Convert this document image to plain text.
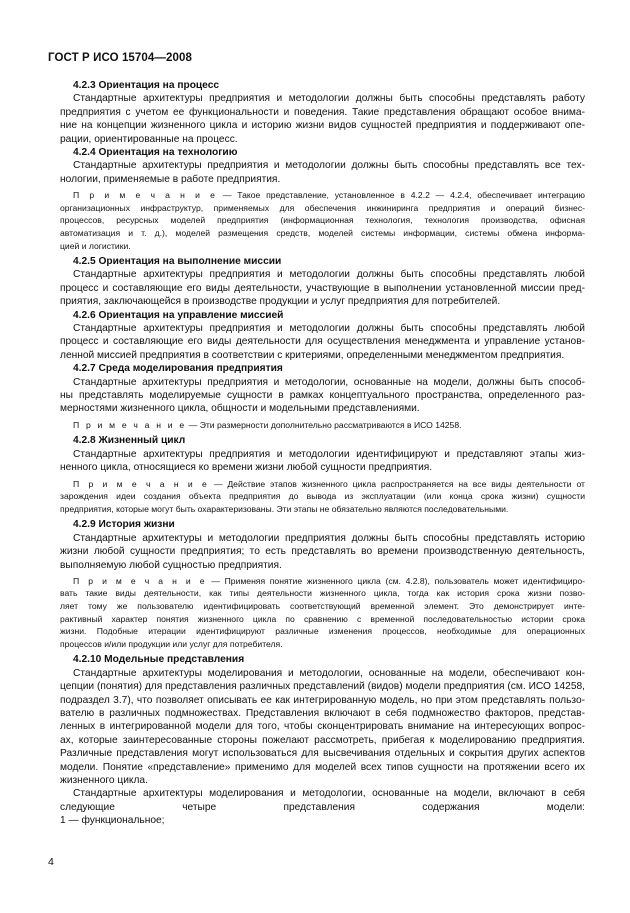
ГОСТ Р ИСО 15704—2008
4.2.3 Ориентация на процесс
Стандартные архитектуры предприятия и методологии должны быть способны представлять работу
предприятия с учетом ее функциональности и поведения. Такие представления обращают особое внима-
ние на концепции жизненного цикла и историю жизни видов сущностей предприятия и поддерживают опе-
рации, ориентированные на процесс.
4.2.4 Ориентация на технологию
Стандартные архитектуры предприятия и методологии должны быть способны представлять все тех-
нологии, применяемые в работе предприятия.
П р и м е ч а н и е — Такое представление, установленное в 4.2.2 — 4.2.4, обеспечивает интеграцию
организационных инфраструктур, применяемых для обеспечения инжиниринга предприятия и операций бизнес-
процессов, ресурсных моделей предприятия (информационная технология, технология производства, офисная
автоматизация и т. д.), моделей размещения средств, моделей системы информации, системы обмена информа-
цией и логистики.
4.2.5 Ориентация на выполнение миссии
Стандартные архитектуры предприятия и методологии должны быть способны представлять любой
процесс и составляющие его виды деятельности, участвующие в выполнении установленной миссии пред-
приятия, заключающейся в производстве продукции и услуг предприятия для потребителей.
4.2.6 Ориентация на управление миссией
Стандартные архитектуры предприятия и методологии должны быть способны представлять любой
процесс и составляющие его виды деятельности для осуществления менеджмента и управление установ-
ленной миссией предприятия в соответствии с критериями, определенными менеджментом предприятия.
4.2.7 Среда моделирования предприятия
Стандартные архитектуры предприятия и методологии, основанные на модели, должны быть способ-
ны представлять моделируемые сущности в рамках концептуального пространства, определенного раз-
мерностями жизненного цикла, общности и модельными представлениями.
П р и м е ч а н и е — Эти размерности дополнительно рассматриваются в ИСО 14258.
4.2.8 Жизненный цикл
Стандартные архитектуры предприятия и методологии идентифицируют и представляют этапы жиз-
ненного цикла, относящиеся ко времени жизни любой сущности предприятия.
П р и м е ч а н и е — Действие этапов жизненного цикла распространяется на все виды деятельности от
зарождения идеи создания объекта предприятия до вывода из эксплуатации (или конца срока жизни) сущности
предприятия, которые могут быть охарактеризованы. Эти этапы не обязательно являются последовательными.
4.2.9 История жизни
Стандартные архитектуры и методологии предприятия должны быть способны представлять историю
жизни любой сущности предприятия; то есть представлять во времени производственную деятельность,
выполняемую любой сущностью предприятия.
П р и м е ч а н и е — Применяя понятие жизненного цикла (см. 4.2.8), пользователь может идентифициро-
вать такие виды деятельности, как типы деятельности жизненного цикла, тогда как история срока жизни позво-
ляет тому же пользователю идентифицировать соответствующий временной элемент. Это демонстрирует инте-
рактивный характер понятия жизненного цикла по сравнению с временной последовательностью истории срока
жизни. Подобные итерации идентифицируют различные изменения процессов, необходимые для операционных
процессов и/или продукции или услуг для потребителя.
4.2.10 Модельные представления
Стандартные архитектуры моделирования и методологии, основанные на модели, обеспечивают кон-
цепции (понятия) для представления различных представлений (видов) модели предприятия (см. ИСО 14258,
подраздел 3.7), что позволяет описывать ее как интегрированную модель, но при этом представлять пользо-
вателю в различных подмножествах. Представления включают в себя подмножество факторов, представ-
ленных в интегрированной модели для того, чтобы сконцентрировать внимание на интересующих вопрос-
ах, которые заинтересованные стороны пожелают рассмотреть, прибегая к моделированию предприятия.
Различные представления могут использоваться для высвечивания отдельных и сокрытия других аспектов
модели. Понятие «представление» применимо для моделей всех типов сущности на протяжении всего их
жизненного цикла.
Стандартные архитектуры моделирования и методологии, основанные на модели, включают в себя
следующие четыре представления содержания модели:
1 — функциональное;
4
